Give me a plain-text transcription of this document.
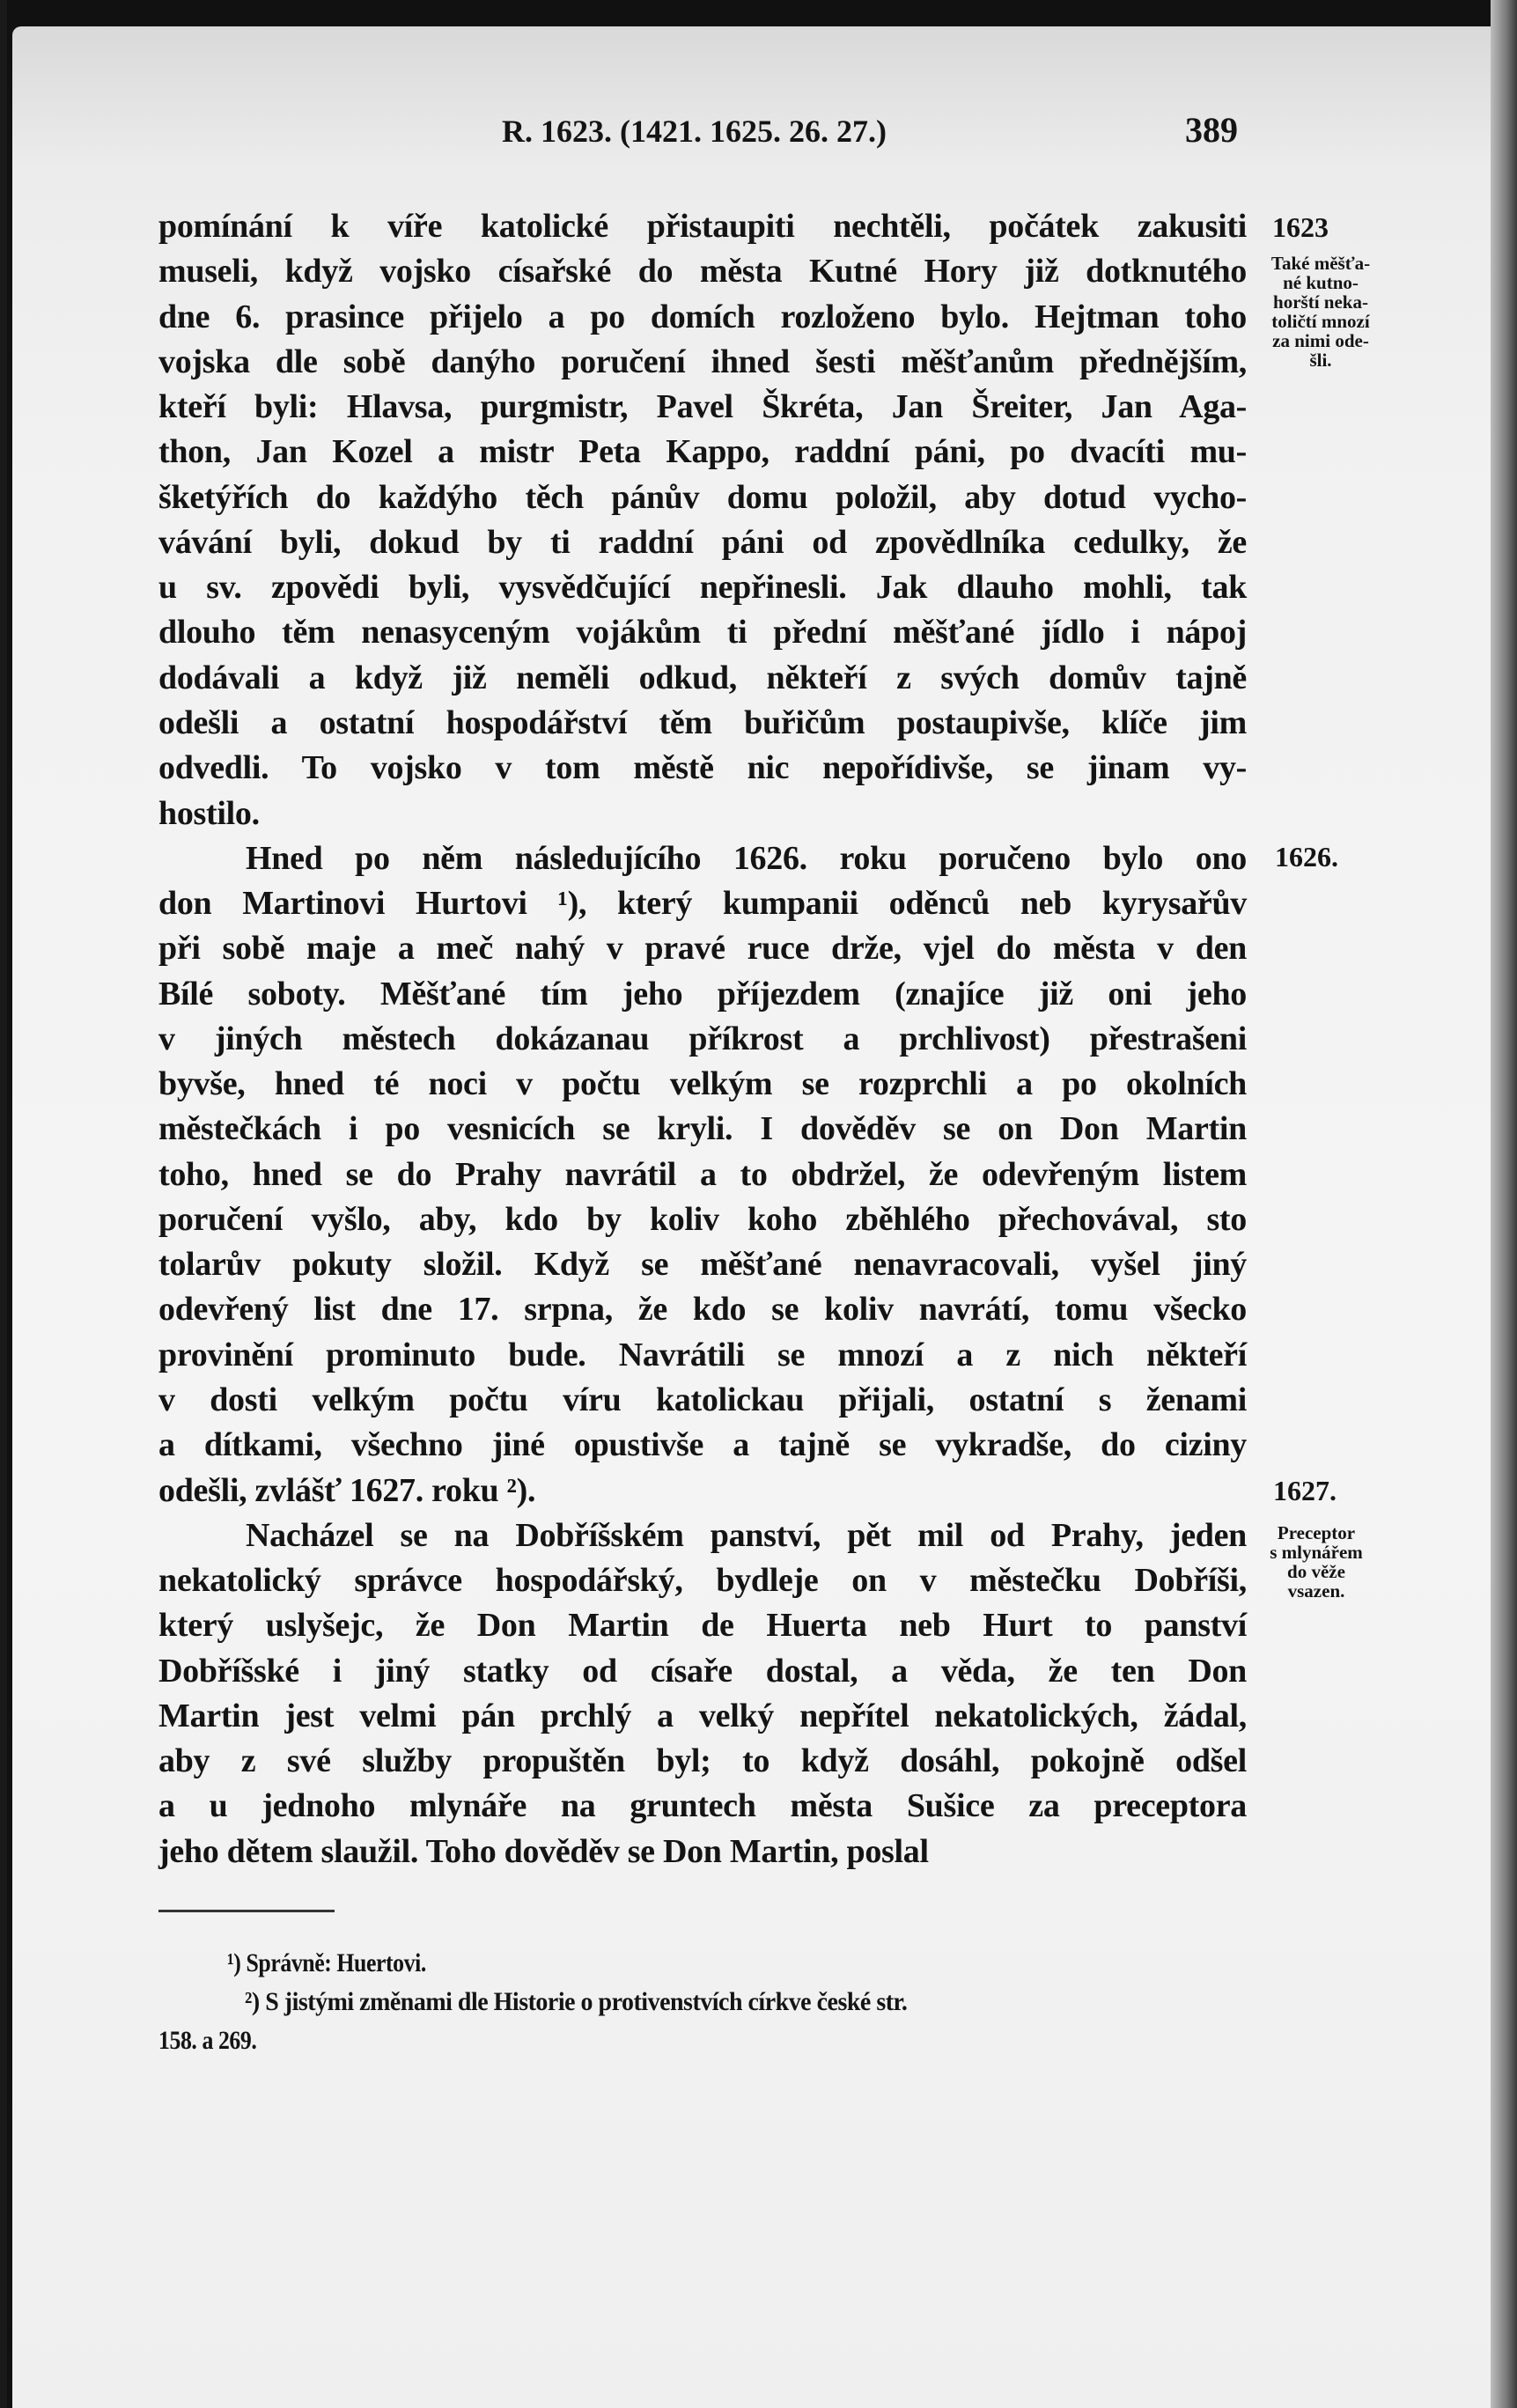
R. 1623. (1421. 1625. 26. 27.)	389
pomínání k víře katolické přistaupiti nechtěli, počátek zakusiti
museli, když vojsko císařské do města Kutné Hory již dotknutého
dne 6. prasince přijelo a po domích rozloženo bylo. Hejtman toho
vojska dle sobě danýho poručení ihned šesti měšťanům přednějším,
kteří byli: Hlavsa, purgmistr, Pavel Škréta, Jan Šreiter, Jan Aga-
thon, Jan Kozel a mistr Peta Kappo, raddní páni, po dvacíti mu-
šketýřích do každýho těch pánův domu položil, aby dotud vycho-
vávání byli, dokud by ti raddní páni od zpovědlníka cedulky, že
u sv. zpovědi byli, vysvědčující nepřinesli. Jak dlauho mohli, tak
dlouho těm nenasyceným vojákům ti přední měšťané jídlo i nápoj
dodávali a když již neměli odkud, někteří z svých domův tajně
odešli a ostatní hospodářství těm buřičům postaupivše, klíče jim
odvedli. To vojsko v tom městě nic nepořídivše, se jinam vy-
hostilo.
Hned po něm následujícího 1626. roku poručeno bylo ono
don Martinovi Hurtovi ¹), který kumpanii oděnců neb kyrysařův
při sobě maje a meč nahý v pravé ruce drže, vjel do města v den
Bílé soboty. Měšťané tím jeho příjezdem (znajíce již oni jeho
v jiných městech dokázanau příkrost a prchlivost) přestrašeni
byvše, hned té noci v počtu velkým se rozprchli a po okolních
městečkách i po vesnicích se kryli. I dověděv se on Don Martin
toho, hned se do Prahy navrátil a to obdržel, že odevřeným listem
poručení vyšlo, aby, kdo by koliv koho zběhlého přechovával, sto
tolarův pokuty složil. Když se měšťané nenavracovali, vyšel jiný
odevřený list dne 17. srpna, že kdo se koliv navrátí, tomu všecko
provinění prominuto bude. Navrátili se mnozí a z nich někteří
v dosti velkým počtu víru katolickau přijali, ostatní s ženami
a dítkami, všechno jiné opustivše a tajně se vykradše, do ciziny
odešli, zvlášť 1627. roku ²).
Nacházel se na Dobříšském panství, pět mil od Prahy, jeden
nekatolický správce hospodářský, bydleje on v městečku Dobříši,
který uslyšejc, že Don Martin de Huerta neb Hurt to panství
Dobříšské i jiný statky od císaře dostal, a věda, že ten Don
Martin jest velmi pán prchlý a velký nepřítel nekatolických, žádal,
aby z své služby propuštěn byl; to když dosáhl, pokojně odšel
a u jednoho mlynáře na gruntech města Sušice za preceptora
jeho dětem slaužil. Toho dověděv se Don Martin, poslal
1623
Také měšťa-
né kutno-
horští neka-
toličtí mnozí
za nimi ode-
šli.
1626.
1627.
Preceptor
s mlynářem
do věže
vsazen.
¹) Správně: Huertovi.
²) S jistými změnami dle Historie o protivenstvích církve české str.
158. a 269.
